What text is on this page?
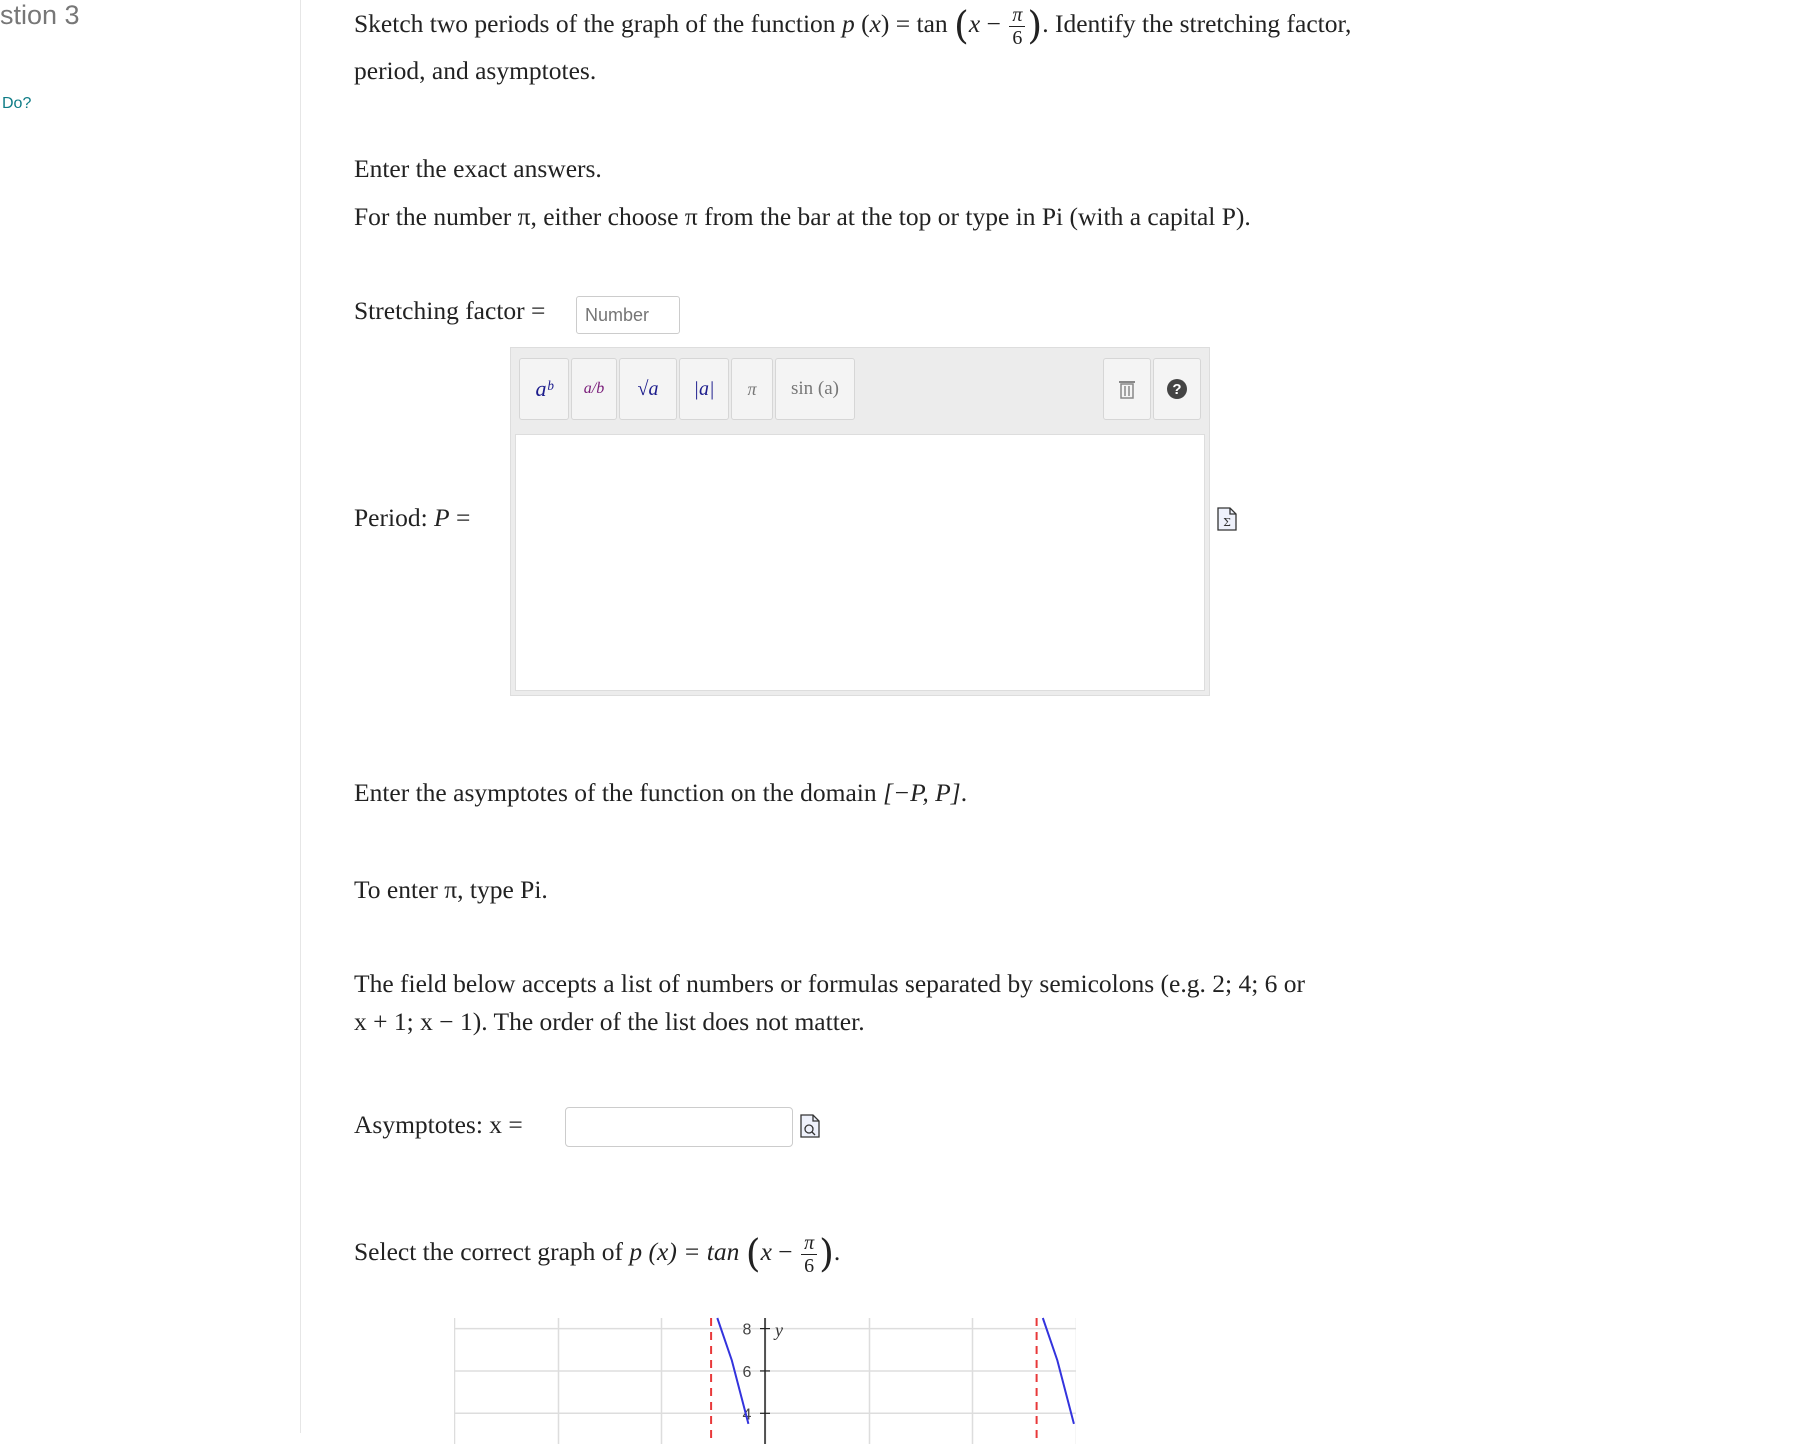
stion 3
Do?
Sketch two periods of the graph of the function p $(x) = \tan (x - \frac{\pi}{6}$ ). Identify the stretching factor,
period, and asymptotes.
Enter the exact answers.
For the number π, either choose π from the bar at the top or type in Pi (with a capital P).
Stretching factor =
Number
aᵇ a/b √a |a| π sin (a)	?
Period: P =	Σ
Enter the asymptotes of the function on the domain [−P, P].
To enter π, type Pi.
The field below accepts a list of numbers or formulas separated by semicolons (e.g. 2; 4; 6 or
x + 1; x − 1). The order of the list does not matter.
Asymptotes: x =
Select the correct graph of p $(x) = \tan (x - \frac{\pi}{6}$ ).
8
6
4
y
